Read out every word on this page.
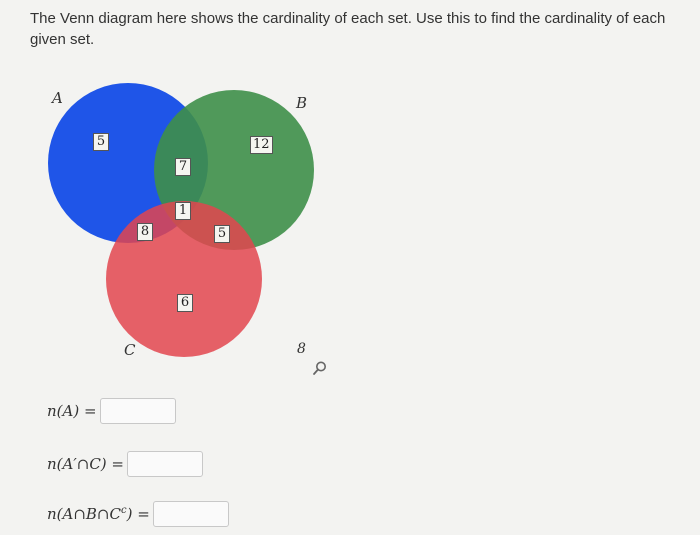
The Venn diagram here shows the cardinality of each set. Use this to find the cardinality of each given set.
A	B
C
5
7
1
12
8	5
6
8
n(A) =
n(A′∩C) =
$n(A\cap B\cap C^c)$ =
